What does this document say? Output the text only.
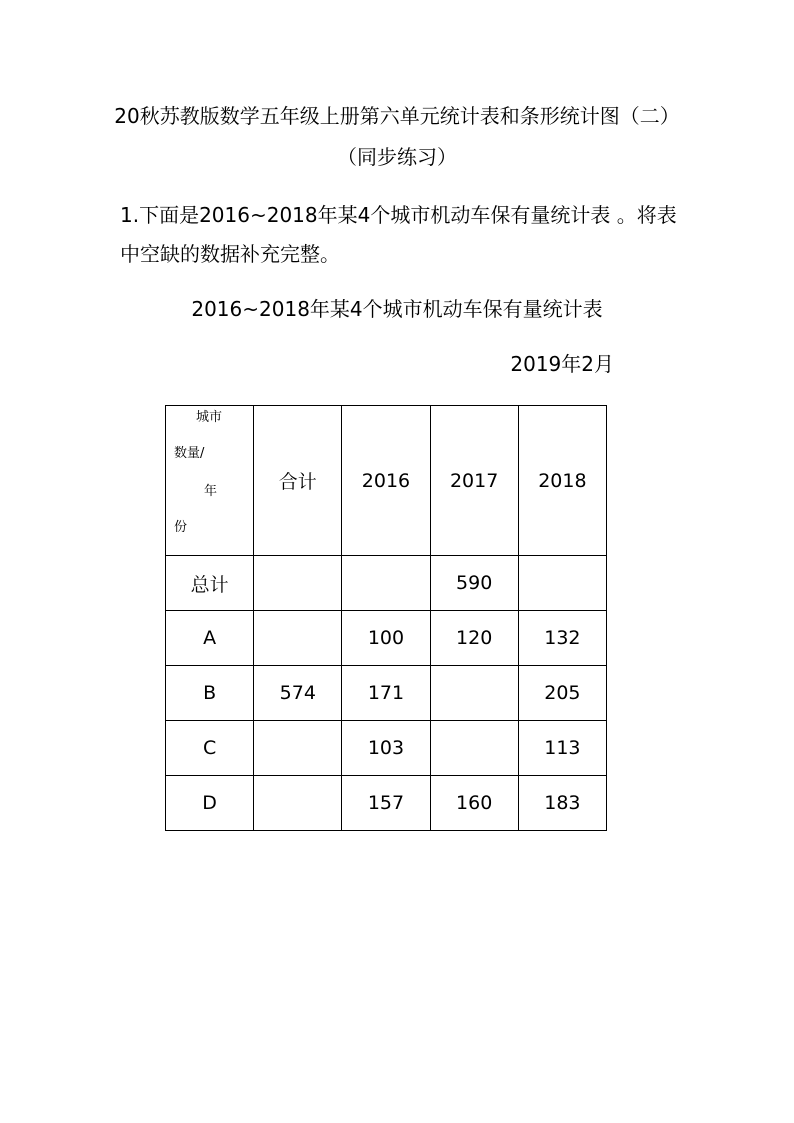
20秋苏教版数学五年级上册第六单元统计表和条形统计图（二）
（同步练习）
1.下面是2016~2018年某4个城市机动车保有量统计表 。将表
中空缺的数据补充完整。
2016~2018年某4个城市机动车保有量统计表
2019年2月
城市
数量/
年
份	合计	2016	2017	2018
总计			590	
A		100	120	132
B	574	171		205
C		103		113
D		157	160	183
